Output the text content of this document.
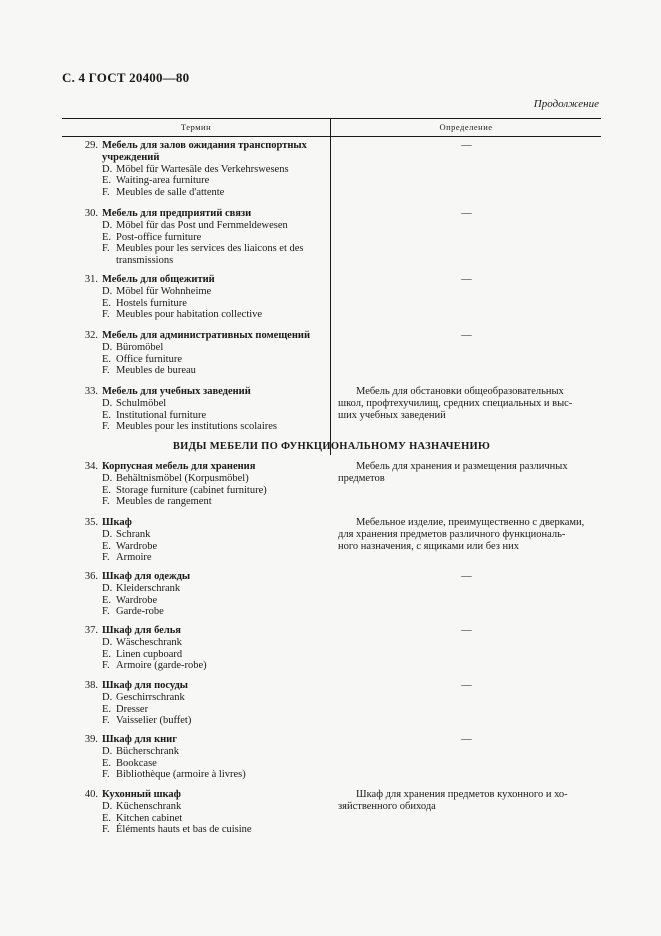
С. 4 ГОСТ 20400—80
Продолжение
Термин	Определение
29. Мебель для залов ожидания транспортных
учреждений
D. Möbel für Wartesäle des Verkehrswesens
E. Waiting-area furniture
F. Meubles de salle d'attente
—
30. Мебель для предприятий связи
D. Möbel für das Post und Fernmeldewesen
E. Post-office furniture
F. Meubles pour les services des liaicons et des
transmissions
—
31. Мебель для общежитий
D. Möbel für Wohnheime
E. Hostels furniture
F. Meubles pour habitation collective
—
32. Мебель для административных помещений
D. Büromöbel
E. Office furniture
F. Meubles de bureau
—
33. Мебель для учебных заведений
D. Schulmöbel
E. Institutional furniture
F. Meubles pour les institutions scolaires
Мебель для обстановки общеобразовательных
школ, профтехучилищ, средних специальных и выс-
ших учебных заведений
ВИДЫ МЕБЕЛИ ПО ФУНКЦИОНАЛЬНОМУ НАЗНАЧЕНИЮ
34. Корпусная мебель для хранения
D. Behältnismöbel (Korpusmöbel)
E. Storage furniture (cabinet furniture)
F. Meubles de rangement
Мебель для хранения и размещения различных
предметов
35. Шкаф
D. Schrank
E. Wardrobe
F. Armoire
Мебельное изделие, преимущественно с дверками,
для хранения предметов различного функциональ-
ного назначения, с ящиками или без них
36. Шкаф для одежды
D. Kleiderschrank
E. Wardrobe
F. Garde-robe
—
37. Шкаф для белья
D. Wäscheschrank
E. Linen cupboard
F. Armoire (garde-robe)
—
38. Шкаф для посуды
D. Geschirrschrank
E. Dresser
F. Vaisselier (buffet)
—
39. Шкаф для книг
D. Bücherschrank
E. Bookcase
F. Bibliothèque (armoire à livres)
—
40. Кухонный шкаф
D. Küchenschrank
E. Kitchen cabinet
F. Éléments hauts et bas de cuisine
Шкаф для хранения предметов кухонного и хо-
зяйственного обихода
